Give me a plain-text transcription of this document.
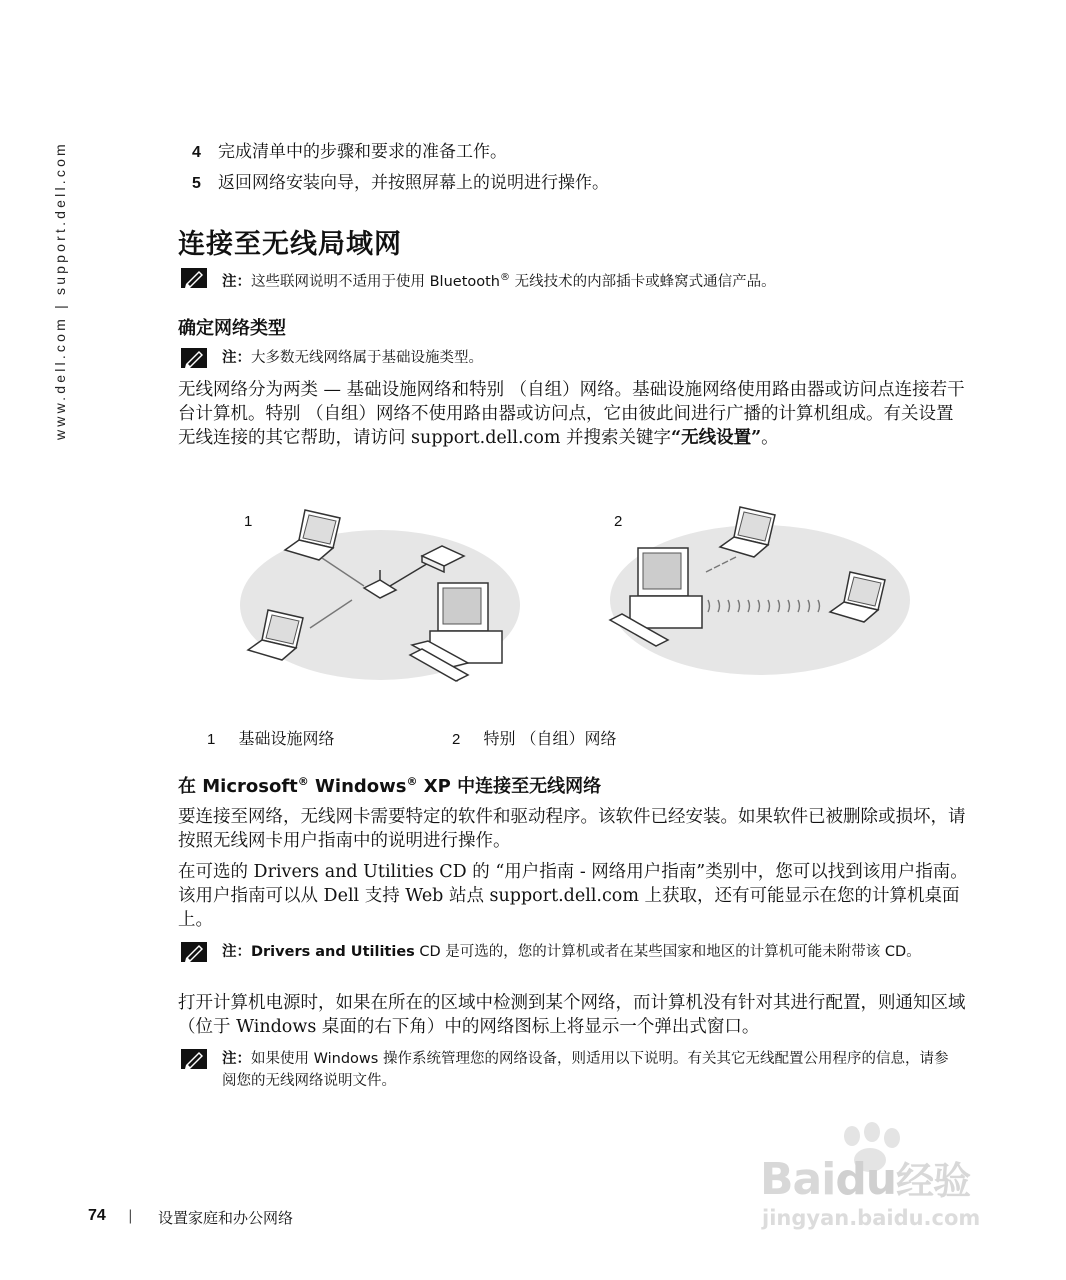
www.dell.com | support.dell.com	4 完成清单中的步骤和要求的准备工作。
5 返回网络安装向导，并按照屏幕上的说明进行操作。
连接至无线局域网
注：这些联网说明不适用于使用 Bluetooth® 无线技术的内部插卡或蜂窝式通信产品。
确定网络类型
注：大多数无线网络属于基础设施类型。
无线网络分为两类 — 基础设施网络和特别 （自组）网络。基础设施网络使用路由器或访问点连接若干台计算机。特别 （自组）网络不使用路由器或访问点，它由彼此间进行广播的计算机组成。有关设置无线连接的其它帮助，请访问 support.dell.com 并搜索关键字“无线设置”。
1	2
1 基础设施网络	2 特别 （自组）网络
在 Microsoft® Windows® XP 中连接至无线网络
要连接至网络，无线网卡需要特定的软件和驱动程序。该软件已经安装。如果软件已被删除或损坏，请按照无线网卡用户指南中的说明进行操作。
在可选的 Drivers and Utilities CD 的 “用户指南 - 网络用户指南”类别中，您可以找到该用户指南。该用户指南可以从 Dell 支持 Web 站点 support.dell.com 上获取，还有可能显示在您的计算机桌面上。
注：Drivers and Utilities CD 是可选的，您的计算机或者在某些国家和地区的计算机可能未附带该 CD。
打开计算机电源时，如果在所在的区域中检测到某个网络，而计算机没有针对其进行配置，则通知区域 （位于 Windows 桌面的右下角）中的网络图标上将显示一个弹出式窗口。
注：如果使用 Windows 操作系统管理您的网络设备，则适用以下说明。有关其它无线配置公用程序的信息，请参阅您的无线网络说明文件。
Baidu经验
jingyan.baidu.com
74 | 设置家庭和办公网络
